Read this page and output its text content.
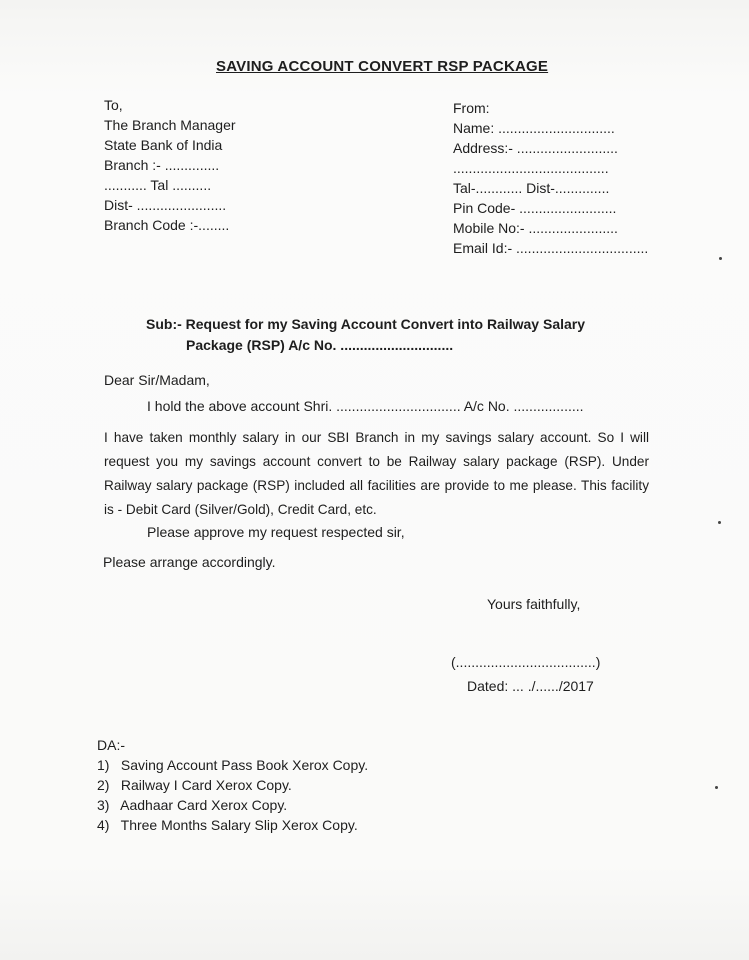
SAVING ACCOUNT CONVERT RSP PACKAGE
To,
The Branch Manager
State Bank of India
Branch :- ..............
........... Tal ..........
Dist- .......................
Branch Code :-........
From:
Name: ..............................
Address:- ..........................
........................................
Tal-............ Dist-..............
Pin Code- .........................
Mobile No:- .......................
Email Id:- ..................................
Sub:- Request for my Saving Account Convert into Railway Salary
Package (RSP) A/c No. .............................
Dear Sir/Madam,
I hold the above account Shri. ................................ A/c No. ..................
I have taken monthly salary in our SBI Branch in my savings salary account. So I will request you my savings account convert to be Railway salary package (RSP). Under Railway salary package (RSP) included all facilities are provide to me please. This facility is - Debit Card (Silver/Gold), Credit Card, etc.
Please approve my request respected sir,
Please arrange accordingly.
Yours faithfully,
(....................................)
Dated: ... ./....../2017
DA:-
1) Saving Account Pass Book Xerox Copy.
2) Railway I Card Xerox Copy.
3) Aadhaar Card Xerox Copy.
4) Three Months Salary Slip Xerox Copy.
